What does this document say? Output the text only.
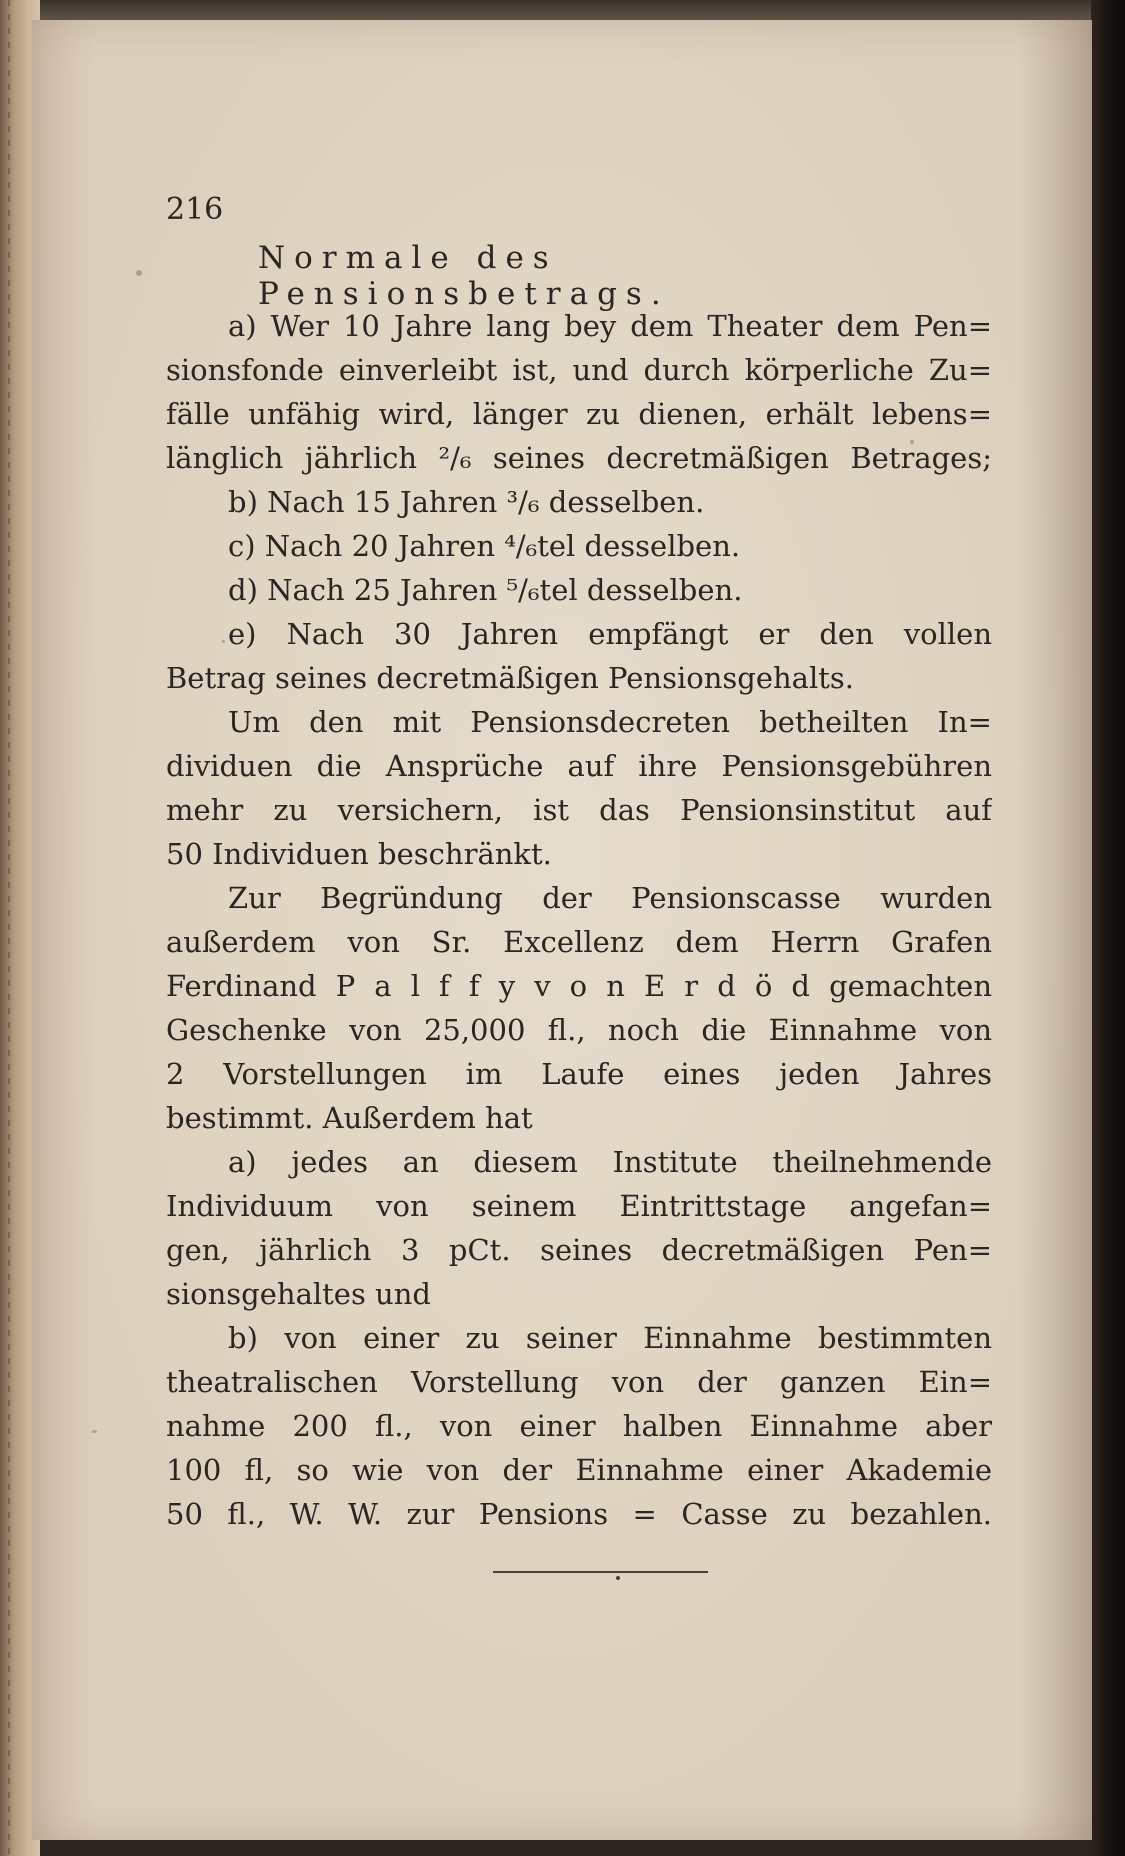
216
Normale des Pensionsbetrags.
a) Wer 10 Jahre lang bey dem Theater dem Pen=
sionsfonde einverleibt ist, und durch körperliche Zu=
fälle unfähig wird, länger zu dienen, erhält lebens=
länglich jährlich ²/₆ seines decretmäßigen Betrages;
b) Nach 15 Jahren ³/₆ desselben.
c) Nach 20 Jahren ⁴/₆tel desselben.
d) Nach 25 Jahren ⁵/₆tel desselben.
e) Nach 30 Jahren empfängt er den vollen
Betrag seines decretmäßigen Pensionsgehalts.
Um den mit Pensionsdecreten betheilten In=
dividuen die Ansprüche auf ihre Pensionsgebühren
mehr zu versichern, ist das Pensionsinstitut auf
50 Individuen beschränkt.
Zur Begründung der Pensionscasse wurden
außerdem von Sr. Excellenz dem Herrn Grafen
Ferdinand P a l f f y v o n E r d ö d gemachten
Geschenke von 25,000 fl., noch die Einnahme von
2 Vorstellungen im Laufe eines jeden Jahres
bestimmt. Außerdem hat
a) jedes an diesem Institute theilnehmende
Individuum von seinem Eintrittstage angefan=
gen, jährlich 3 pCt. seines decretmäßigen Pen=
sionsgehaltes und
b) von einer zu seiner Einnahme bestimmten
theatralischen Vorstellung von der ganzen Ein=
nahme 200 fl., von einer halben Einnahme aber
100 fl, so wie von der Einnahme einer Akademie
50 fl., W. W. zur Pensions = Casse zu bezahlen.
